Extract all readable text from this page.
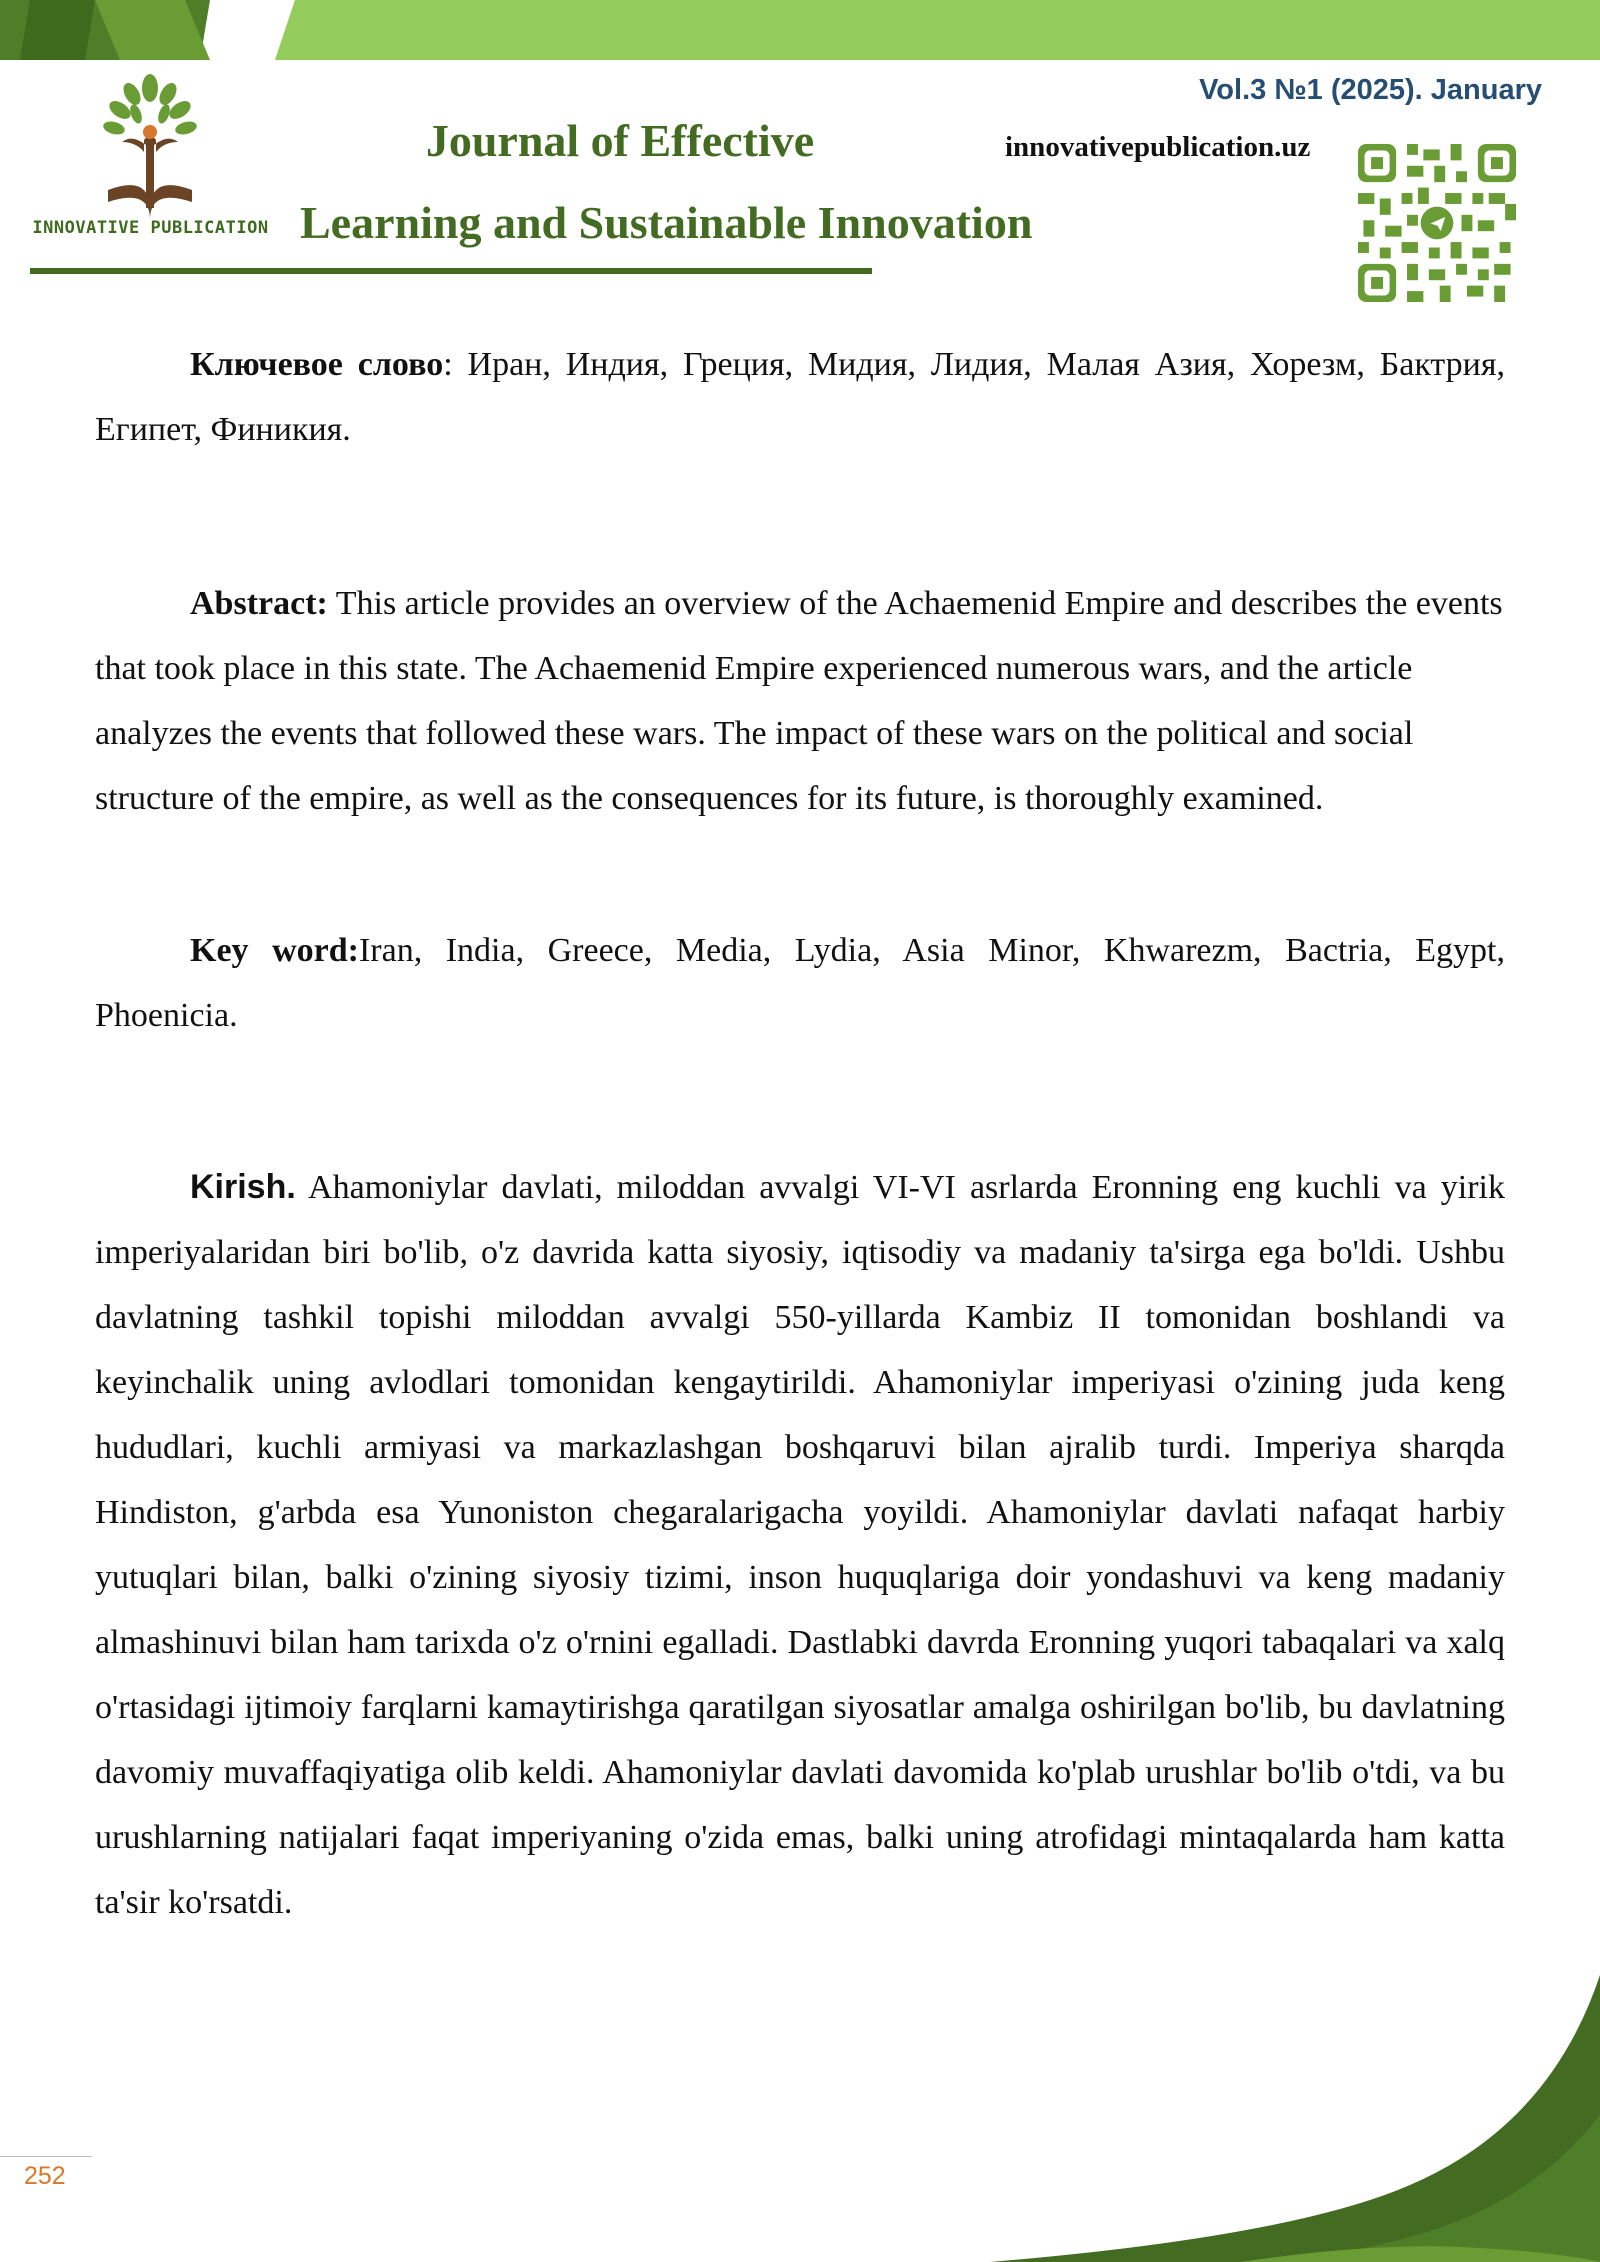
INNOVATIVE PUBLICATION
Journal of Effective
Learning and Sustainable Innovation
Vol.3 №1 (2025). January
innovativepublication.uz

Ключевое слово: Иран, Индия, Греция, Мидия, Лидия, Малая Азия, Хорезм, Бактрия, Египет, Финикия.

Abstract: This article provides an overview of the Achaemenid Empire and describes the events that took place in this state. The Achaemenid Empire experienced numerous wars, and the article analyzes the events that followed these wars. The impact of these wars on the political and social structure of the empire, as well as the consequences for its future, is thoroughly examined.

Key word:Iran, India, Greece, Media, Lydia, Asia Minor, Khwarezm, Bactria, Egypt, Phoenicia.

Kirish. Ahamoniylar davlati, miloddan avvalgi VI-VI asrlarda Eronning eng kuchli va yirik imperiyalaridan biri bo'lib, o'z davrida katta siyosiy, iqtisodiy va madaniy ta'sirga ega bo'ldi. Ushbu davlatning tashkil topishi miloddan avvalgi 550-yillarda Kambiz II tomonidan boshlandi va keyinchalik uning avlodlari tomonidan kengaytirildi. Ahamoniylar imperiyasi o'zining juda keng hududlari, kuchli armiyasi va markazlashgan boshqaruvi bilan ajralib turdi. Imperiya sharqda Hindiston, g'arbda esa Yunoniston chegaralarigacha yoyildi. Ahamoniylar davlati nafaqat harbiy yutuqlari bilan, balki o'zining siyosiy tizimi, inson huquqlariga doir yondashuvi va keng madaniy almashinuvi bilan ham tarixda o'z o'rnini egalladi. Dastlabki davrda Eronning yuqori tabaqalari va xalq o'rtasidagi ijtimoiy farqlarni kamaytirishga qaratilgan siyosatlar amalga oshirilgan bo'lib, bu davlatning davomiy muvaffaqiyatiga olib keldi. Ahamoniylar davlati davomida ko'plab urushlar bo'lib o'tdi, va bu urushlarning natijalari faqat imperiyaning o'zida emas, balki uning atrofidagi mintaqalarda ham katta ta'sir ko'rsatdi.

252
